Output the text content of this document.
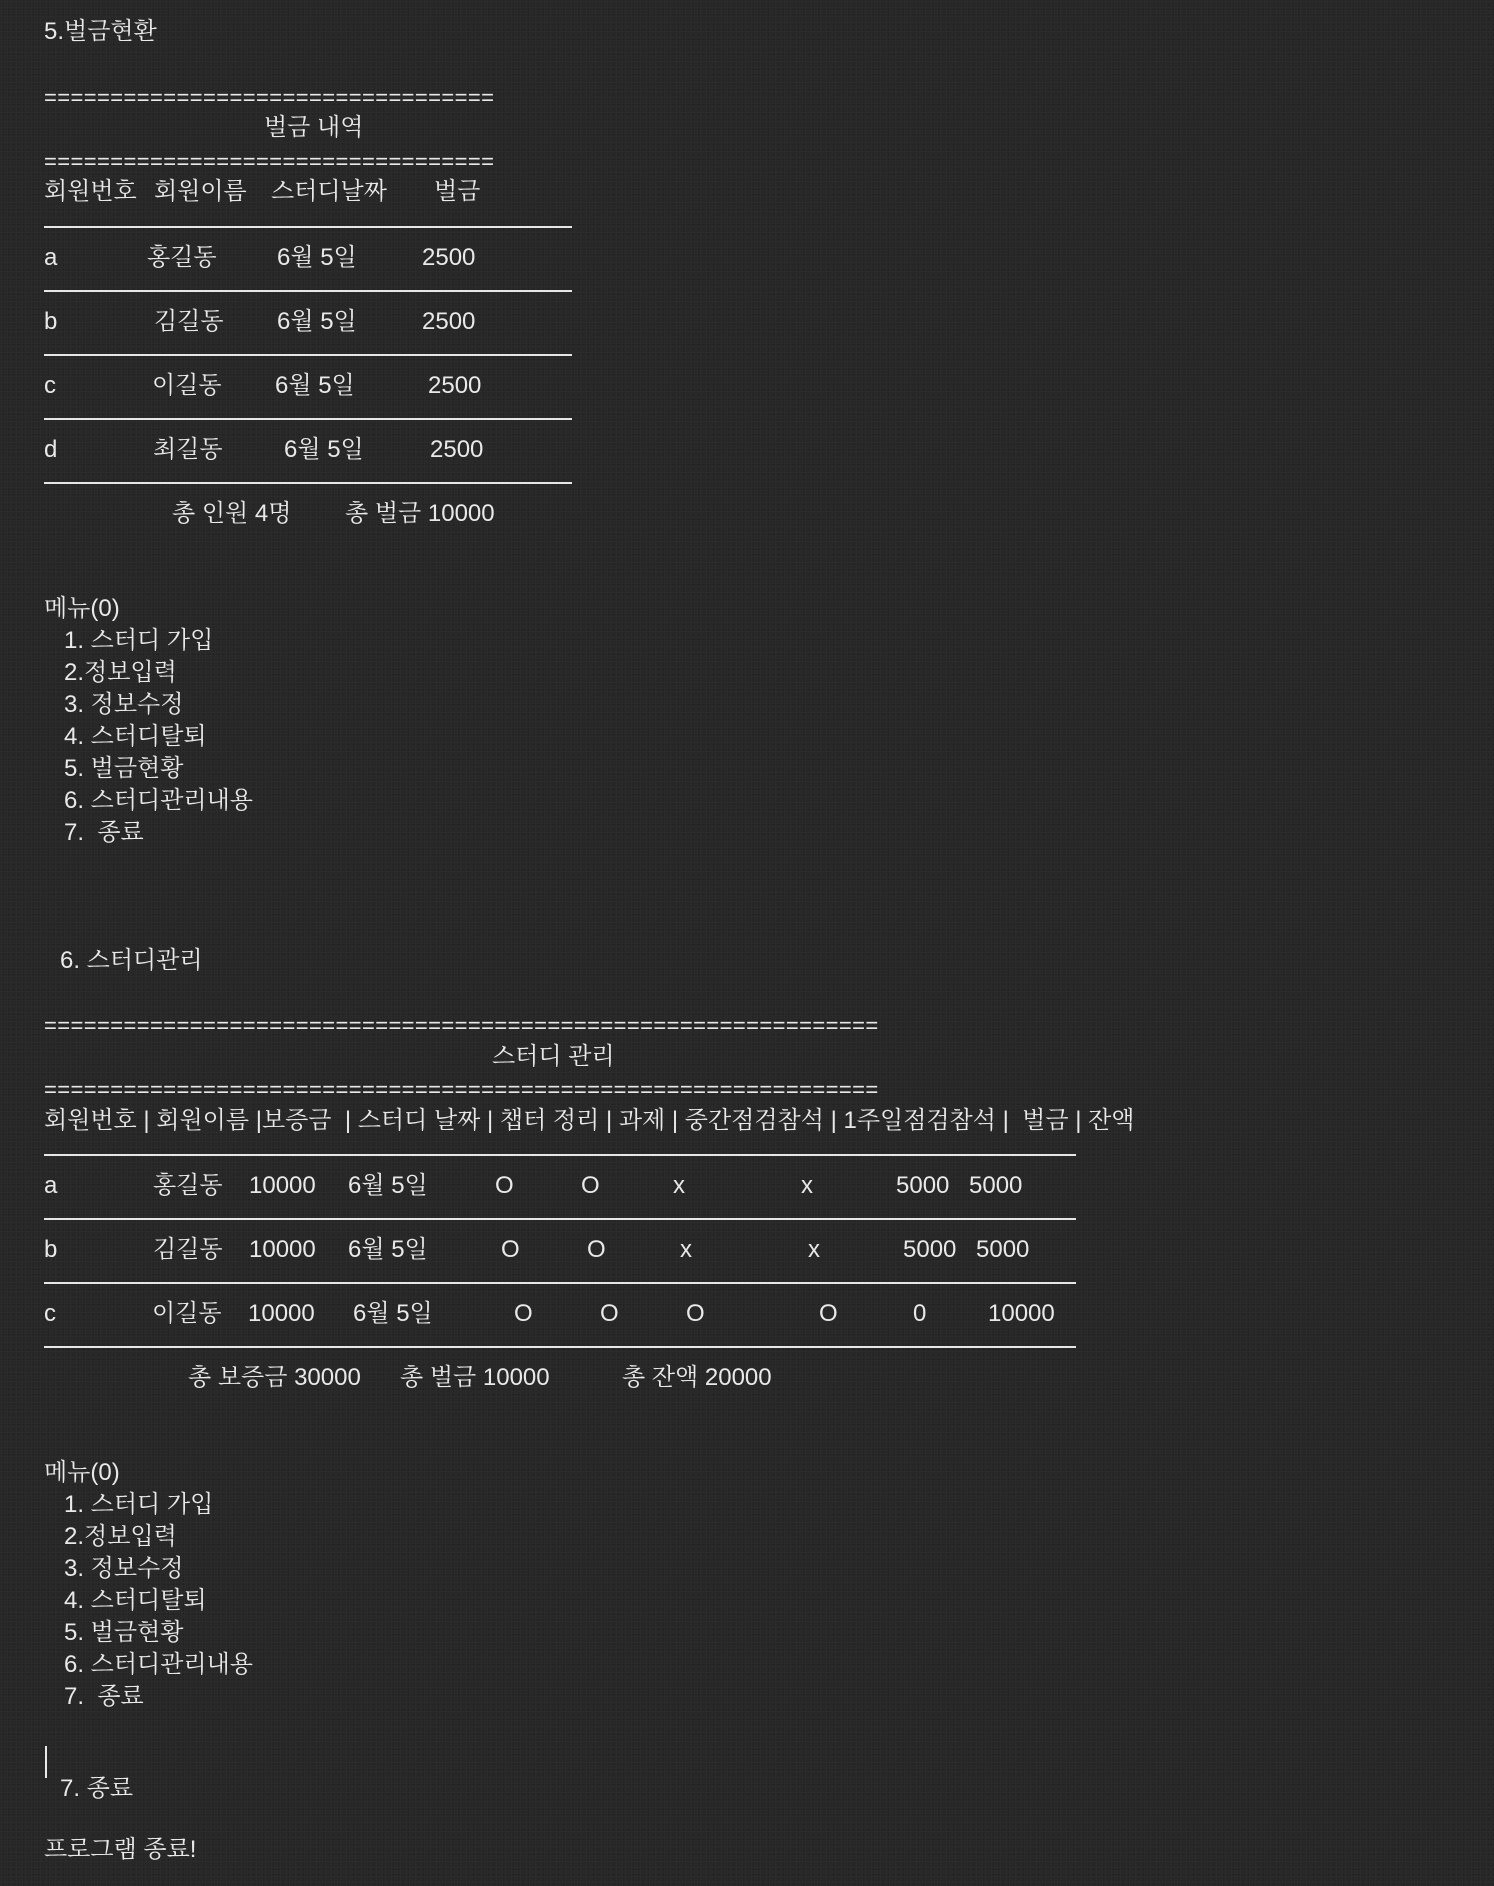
5.벌금현환
==================================
벌금 내역
==================================
회원번호 회원이름 스터디날짜 벌금
a	홍길동	6월 5일	2500
b	김길동 6월 5일	2500
c	이길동 6월 5일	2500
d	최길동	6월 5일	2500
총 인원 4명 총 벌금 10000
메뉴(0)
1. 스터디 가입
2.정보입력
3. 정보수정
4. 스터디탈퇴
5. 벌금현황
6. 스터디관리내용
7.  종료
6. 스터디관리
===============================================================
스터디 관리
===============================================================
회원번호 | 회원이름 |보증금  | 스터디 날짜 | 챕터 정리 | 과제 | 중간점검참석 | 1주일점검참석 |  벌금 | 잔액
a	홍길동 10000 6월 5일	O	O	x	x	5000 5000
b	김길동 10000 6월 5일	O	O	x	x	5000 5000
c	이길동 10000 6월 5일	O	O	O	O	0	10000
총 보증금 30000 총 벌금 10000	총 잔액 20000
메뉴(0)
1. 스터디 가입
2.정보입력
3. 정보수정
4. 스터디탈퇴
5. 벌금현황
6. 스터디관리내용
7.  종료
7. 종료
프로그램 종료!
